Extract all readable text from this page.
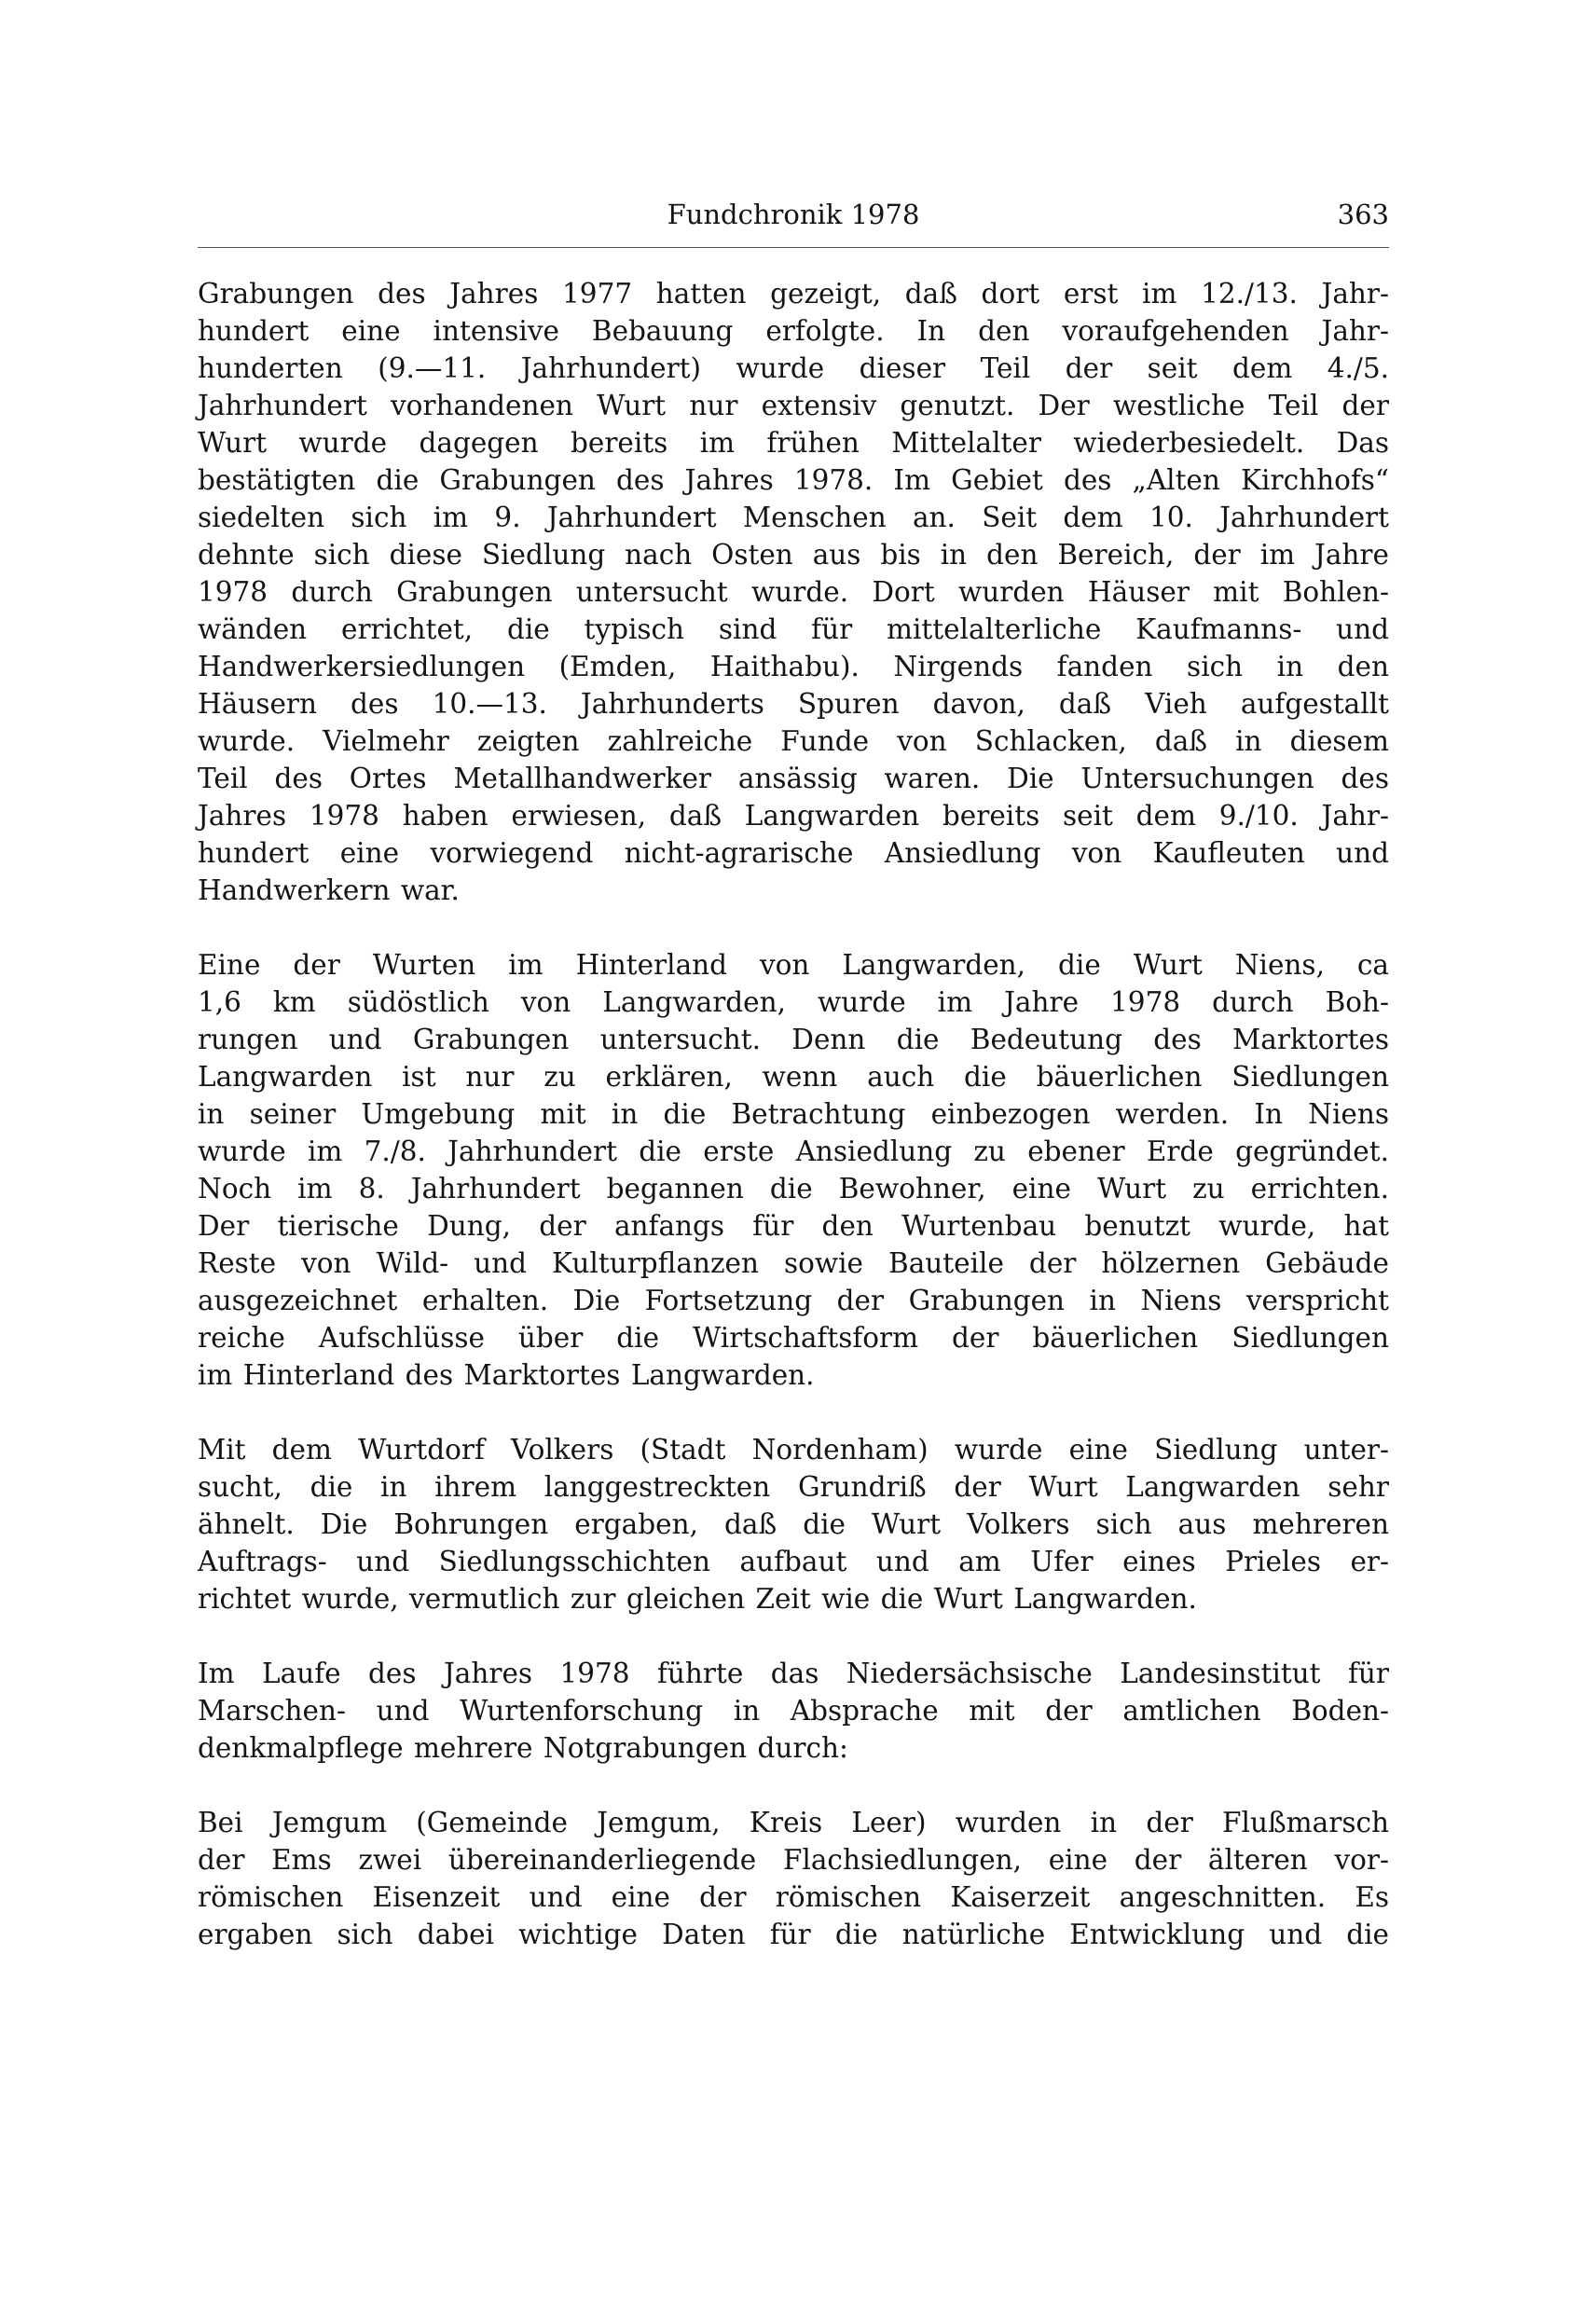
Fundchronik 1978	363
Grabungen des Jahres 1977 hatten gezeigt, daß dort erst im 12./13. Jahr-
hundert eine intensive Bebauung erfolgte. In den voraufgehenden Jahr-
hunderten (9.—11. Jahrhundert) wurde dieser Teil der seit dem 4./5.
Jahrhundert vorhandenen Wurt nur extensiv genutzt. Der westliche Teil der
Wurt wurde dagegen bereits im frühen Mittelalter wiederbesiedelt. Das
bestätigten die Grabungen des Jahres 1978. Im Gebiet des „Alten Kirchhofs“
siedelten sich im 9. Jahrhundert Menschen an. Seit dem 10. Jahrhundert
dehnte sich diese Siedlung nach Osten aus bis in den Bereich, der im Jahre
1978 durch Grabungen untersucht wurde. Dort wurden Häuser mit Bohlen-
wänden errichtet, die typisch sind für mittelalterliche Kaufmanns- und
Handwerkersiedlungen (Emden, Haithabu). Nirgends fanden sich in den
Häusern des 10.—13. Jahrhunderts Spuren davon, daß Vieh aufgestallt
wurde. Vielmehr zeigten zahlreiche Funde von Schlacken, daß in diesem
Teil des Ortes Metallhandwerker ansässig waren. Die Untersuchungen des
Jahres 1978 haben erwiesen, daß Langwarden bereits seit dem 9./10. Jahr-
hundert eine vorwiegend nicht-agrarische Ansiedlung von Kaufleuten und
Handwerkern war.
Eine der Wurten im Hinterland von Langwarden, die Wurt Niens, ca
1,6 km südöstlich von Langwarden, wurde im Jahre 1978 durch Boh-
rungen und Grabungen untersucht. Denn die Bedeutung des Marktortes
Langwarden ist nur zu erklären, wenn auch die bäuerlichen Siedlungen
in seiner Umgebung mit in die Betrachtung einbezogen werden. In Niens
wurde im 7./8. Jahrhundert die erste Ansiedlung zu ebener Erde gegründet.
Noch im 8. Jahrhundert begannen die Bewohner, eine Wurt zu errichten.
Der tierische Dung, der anfangs für den Wurtenbau benutzt wurde, hat
Reste von Wild- und Kulturpflanzen sowie Bauteile der hölzernen Gebäude
ausgezeichnet erhalten. Die Fortsetzung der Grabungen in Niens verspricht
reiche Aufschlüsse über die Wirtschaftsform der bäuerlichen Siedlungen
im Hinterland des Marktortes Langwarden.
Mit dem Wurtdorf Volkers (Stadt Nordenham) wurde eine Siedlung unter-
sucht, die in ihrem langgestreckten Grundriß der Wurt Langwarden sehr
ähnelt. Die Bohrungen ergaben, daß die Wurt Volkers sich aus mehreren
Auftrags- und Siedlungsschichten aufbaut und am Ufer eines Prieles er-
richtet wurde, vermutlich zur gleichen Zeit wie die Wurt Langwarden.
Im Laufe des Jahres 1978 führte das Niedersächsische Landesinstitut für
Marschen- und Wurtenforschung in Absprache mit der amtlichen Boden-
denkmalpflege mehrere Notgrabungen durch:
Bei Jemgum (Gemeinde Jemgum, Kreis Leer) wurden in der Flußmarsch
der Ems zwei übereinanderliegende Flachsiedlungen, eine der älteren vor-
römischen Eisenzeit und eine der römischen Kaiserzeit angeschnitten. Es
ergaben sich dabei wichtige Daten für die natürliche Entwicklung und die
